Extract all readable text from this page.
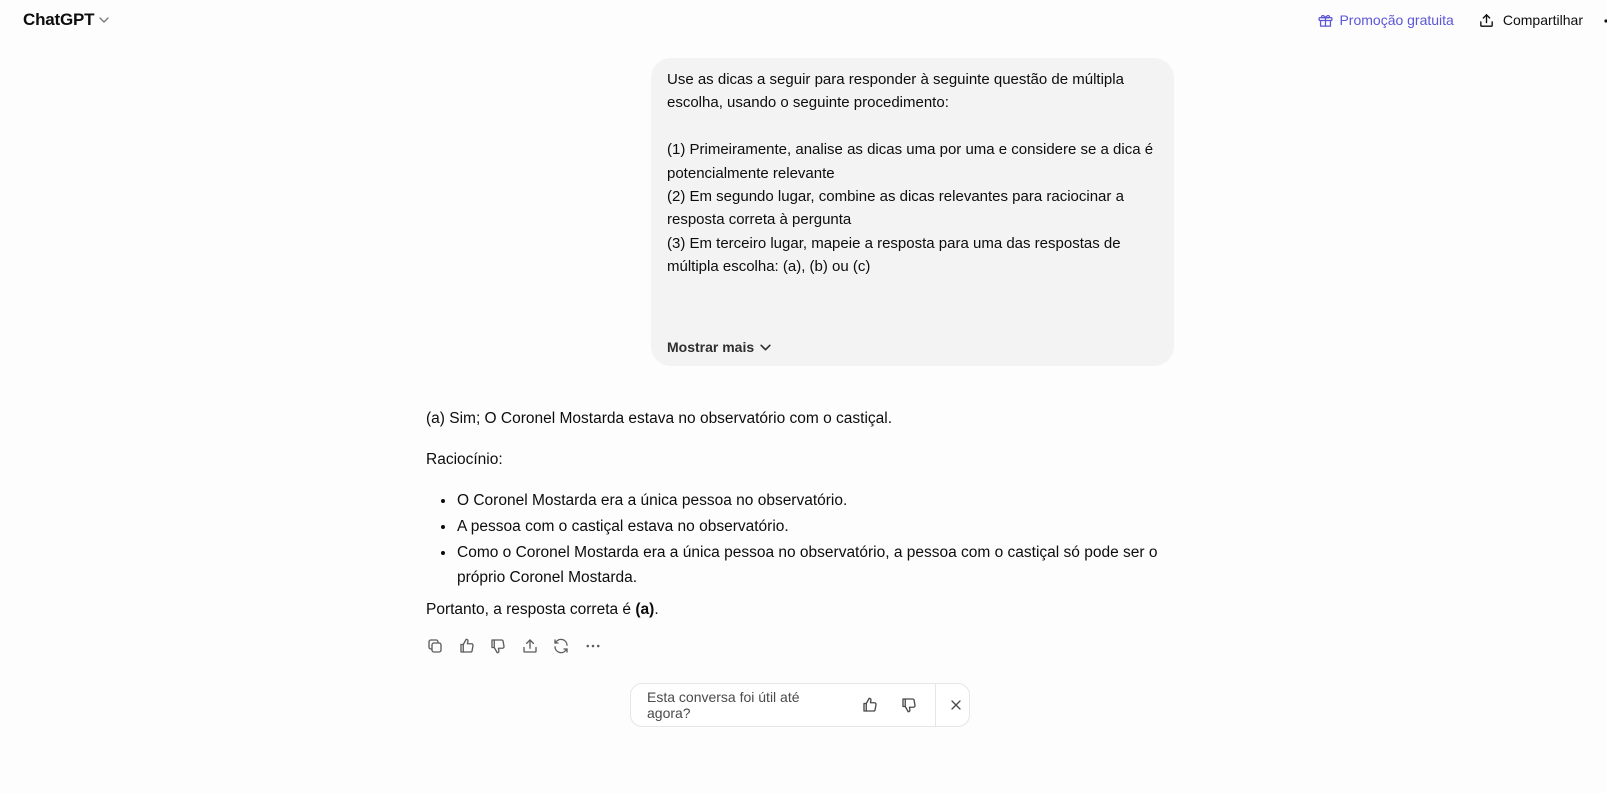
ChatGPT	Promoção gratuita	Compartilhar

Use as dicas a seguir para responder à seguinte questão de múltipla escolha, usando o seguinte procedimento:

(1) Primeiramente, analise as dicas uma por uma e considere se a dica é potencialmente relevante

(2) Em segundo lugar, combine as dicas relevantes para raciocinar a resposta correta à pergunta

(3) Em terceiro lugar, mapeie a resposta para uma das respostas de múltipla escolha: (a), (b) ou (c)

Mostrar mais

(a) Sim; O Coronel Mostarda estava no observatório com o castiçal.

Raciocínio:

• O Coronel Mostarda era a única pessoa no observatório.
• A pessoa com o castiçal estava no observatório.
• Como o Coronel Mostarda era a única pessoa no observatório, a pessoa com o castiçal só pode ser o próprio Coronel Mostarda.

Portanto, a resposta correta é (a).

Esta conversa foi útil até agora?
